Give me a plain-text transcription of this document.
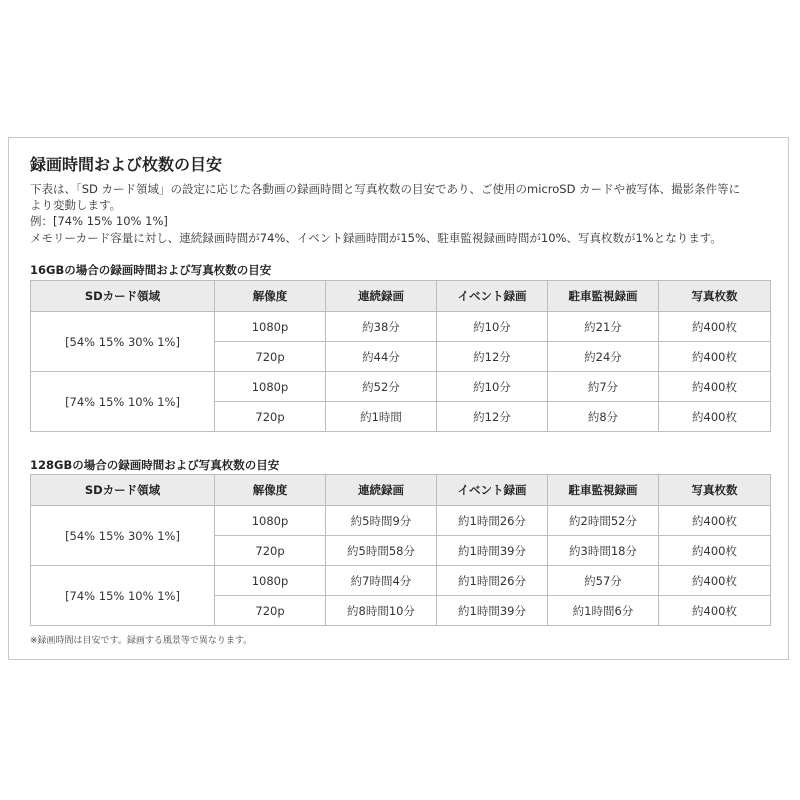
録画時間および枚数の目安
下表は、「SD カード領域」の設定に応じた各動画の録画時間と写真枚数の目安であり、ご使用のmicroSD カードや被写体、撮影条件等に
より変動します。
例：[74% 15% 10% 1%]
メモリーカード容量に対し、連続録画時間が74%、イベント録画時間が15%、駐車監視録画時間が10%、写真枚数が1%となります。
16GBの場合の録画時間および写真枚数の目安
SDカード領域	解像度	連続録画	イベント録画	駐車監視録画	写真枚数
[54% 15% 30% 1%]	1080p	約38分	約10分	約21分	約400枚
	720p	約44分	約12分	約24分	約400枚
[74% 15% 10% 1%]	1080p	約52分	約10分	約7分	約400枚
	720p	約1時間	約12分	約8分	約400枚
128GBの場合の録画時間および写真枚数の目安
SDカード領域	解像度	連続録画	イベント録画	駐車監視録画	写真枚数
[54% 15% 30% 1%]	1080p	約5時間9分	約1時間26分	約2時間52分	約400枚
	720p	約5時間58分	約1時間39分	約3時間18分	約400枚
[74% 15% 10% 1%]	1080p	約7時間4分	約1時間26分	約57分	約400枚
	720p	約8時間10分	約1時間39分	約1時間6分	約400枚
※録画時間は目安です。録画する風景等で異なります。
